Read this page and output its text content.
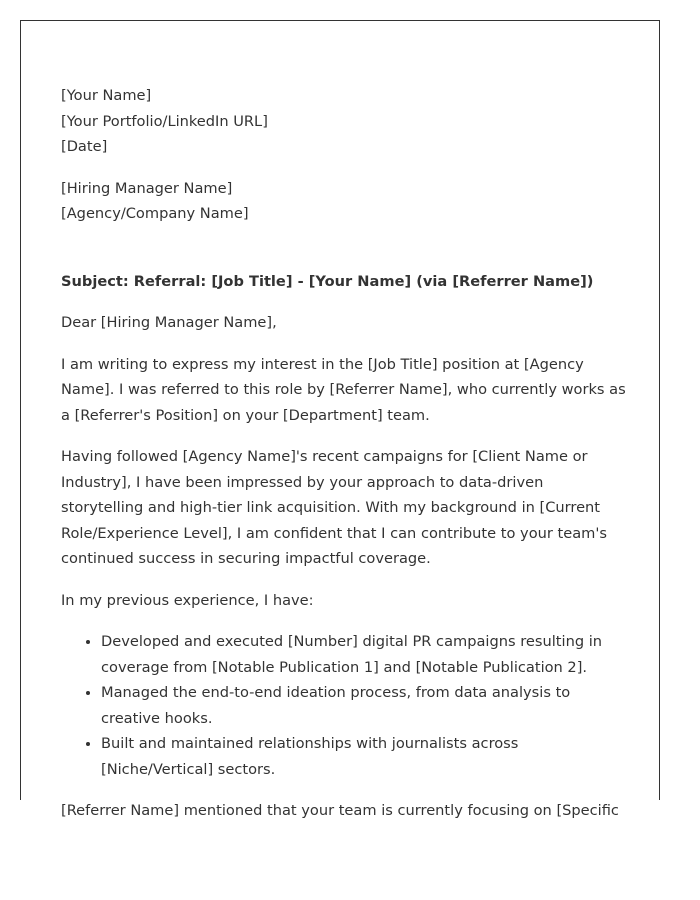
[Your Name]
[Your Portfolio/LinkedIn URL]
[Date]
[Hiring Manager Name]
[Agency/Company Name]

Subject: Referral: [Job Title] - [Your Name] (via [Referrer Name])

Dear [Hiring Manager Name],

I am writing to express my interest in the [Job Title] position at [Agency Name]. I was referred to this role by [Referrer Name], who currently works as a [Referrer's Position] on your [Department] team.

Having followed [Agency Name]'s recent campaigns for [Client Name or Industry], I have been impressed by your approach to data-driven storytelling and high-tier link acquisition. With my background in [Current Role/Experience Level], I am confident that I can contribute to your team's continued success in securing impactful coverage.

In my previous experience, I have:

• Developed and executed [Number] digital PR campaigns resulting in coverage from [Notable Publication 1] and [Notable Publication 2].
• Managed the end-to-end ideation process, from data analysis to creative hooks.
• Built and maintained relationships with journalists across [Niche/Vertical] sectors.

[Referrer Name] mentioned that your team is currently focusing on [Specific
